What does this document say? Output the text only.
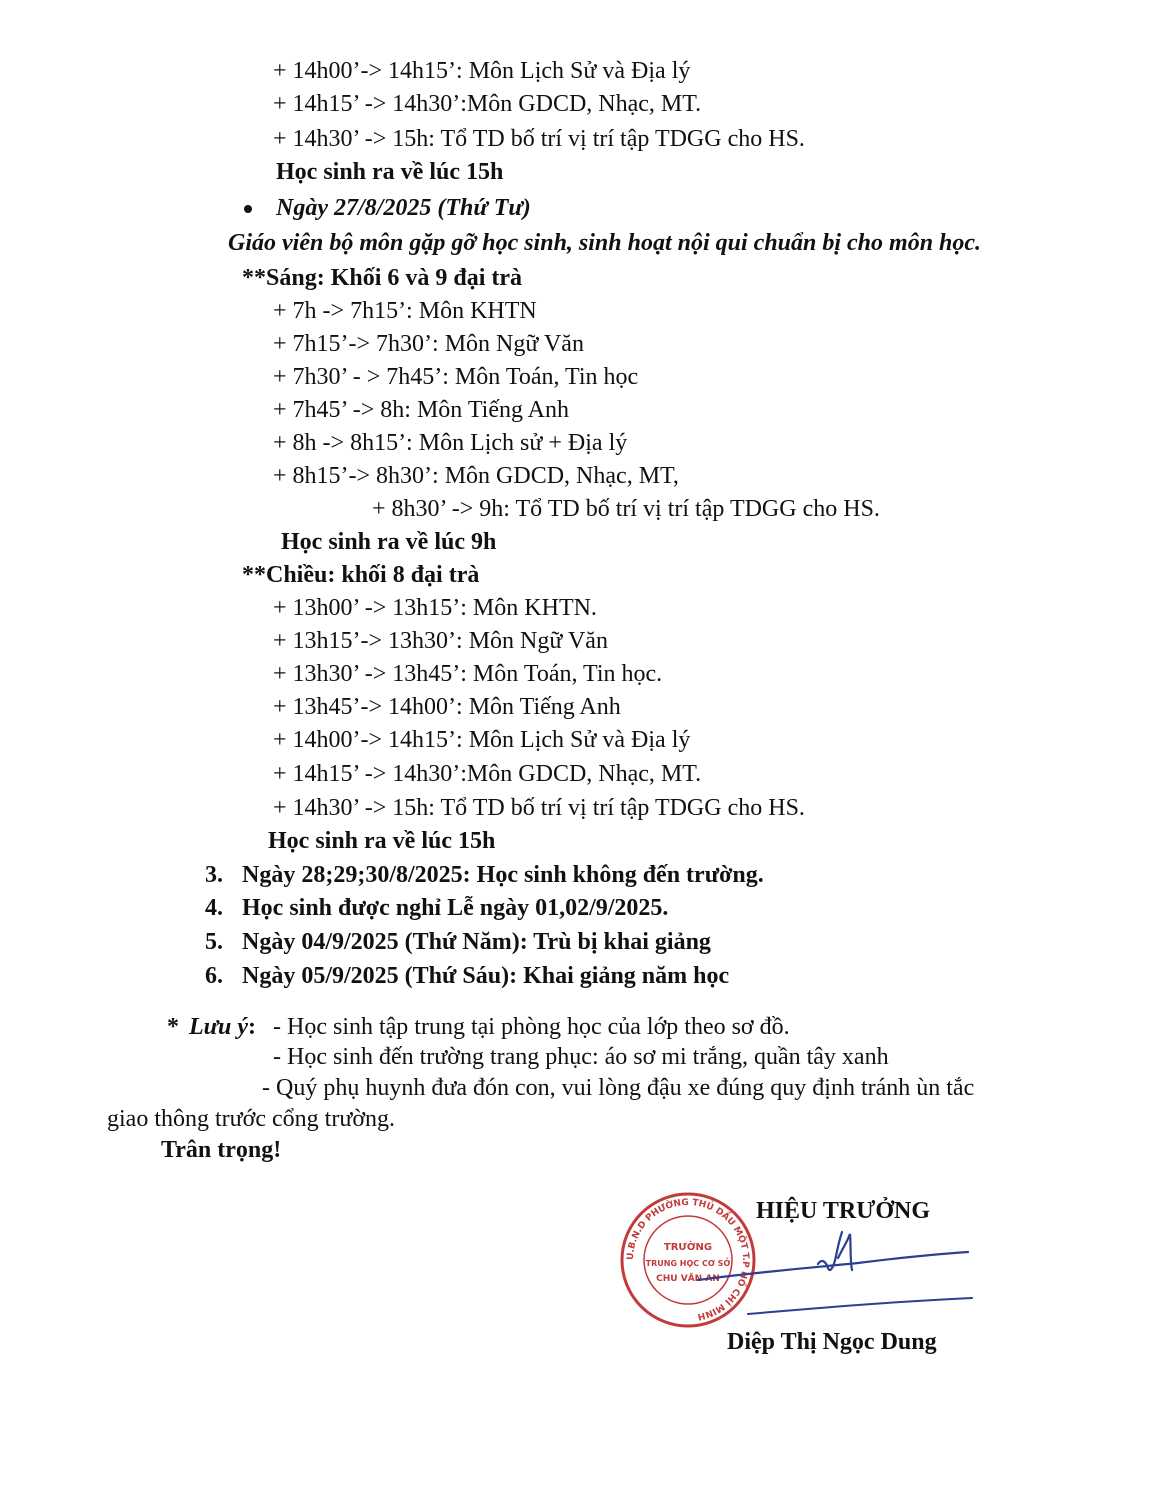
+ 14h00’-> 14h15’: Môn Lịch Sử và Địa lý
+ 14h15’ -> 14h30’:Môn GDCD, Nhạc, MT.
+ 14h30’ -> 15h: Tổ TD bố trí vị trí tập TDGG cho HS.
Học sinh ra về lúc 15h
Ngày 27/8/2025 (Thứ Tư)
Giáo viên bộ môn gặp gỡ học sinh, sinh hoạt nội qui chuẩn bị cho môn học.
**Sáng: Khối 6 và 9 đại trà
+ 7h -> 7h15’: Môn KHTN
+ 7h15’-> 7h30’: Môn Ngữ Văn
+ 7h30’ - > 7h45’: Môn Toán, Tin học
+ 7h45’ -> 8h: Môn Tiếng Anh
+ 8h -> 8h15’: Môn Lịch sử + Địa lý
+ 8h15’-> 8h30’: Môn GDCD, Nhạc, MT,
+ 8h30’ -> 9h: Tổ TD bố trí vị trí tập TDGG cho HS.
Học sinh ra về lúc 9h
**Chiều: khối 8 đại trà
+ 13h00’ -> 13h15’: Môn KHTN.
+ 13h15’-> 13h30’: Môn Ngữ Văn
+ 13h30’ -> 13h45’: Môn Toán, Tin học.
+ 13h45’-> 14h00’: Môn Tiếng Anh
+ 14h00’-> 14h15’: Môn Lịch Sử và Địa lý
+ 14h15’ -> 14h30’:Môn GDCD, Nhạc, MT.
+ 14h30’ -> 15h: Tổ TD bố trí vị trí tập TDGG cho HS.
Học sinh ra về lúc 15h
3. Ngày 28;29;30/8/2025: Học sinh không đến trường.
4. Học sinh được nghỉ Lễ ngày 01,02/9/2025.
5. Ngày 04/9/2025 (Thứ Năm): Trù bị khai giảng
6. Ngày 05/9/2025 (Thứ Sáu): Khai giảng năm học
* Lưu ý: - Học sinh tập trung tại phòng học của lớp theo sơ đồ.
- Học sinh đến trường trang phục: áo sơ mi trắng, quần tây xanh
- Quý phụ huynh đưa đón con, vui lòng đậu xe đúng quy định tránh ùn tắc
giao thông trước cổng trường.
Trân trọng!
HIỆU TRƯỞNG
U.B.N.D PHƯỜNG THỦ DẦU MỘT T.P HỒ CHÍ MINH
TRƯỜNG
TRUNG HỌC CƠ SỞ
CHU VĂN AN
Diệp Thị Ngọc Dung
